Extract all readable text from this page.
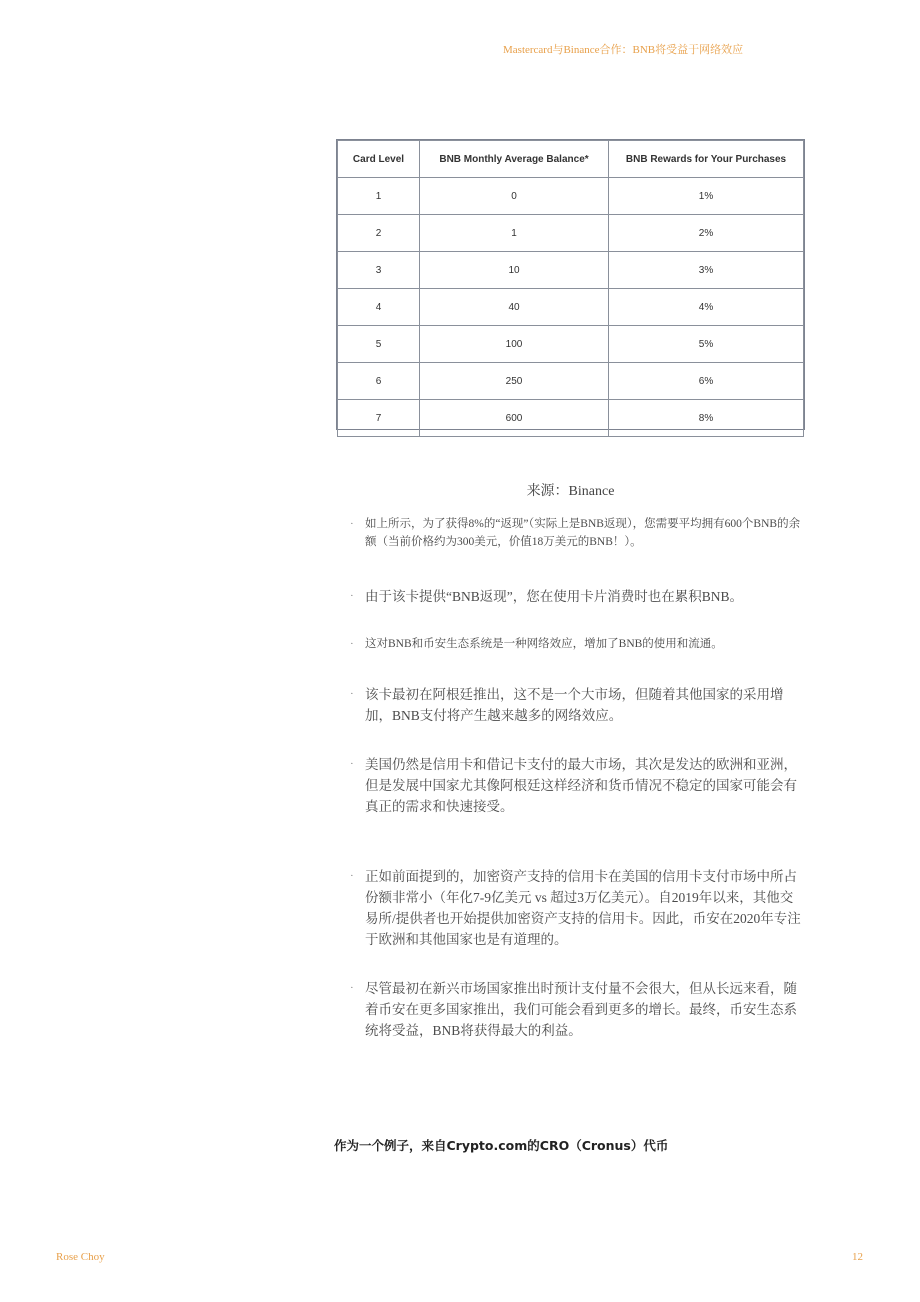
Mastercard与Binance合作：BNB将受益于网络效应
Card Level	BNB Monthly Average Balance*	BNB Rewards for Your Purchases
1	0	1%
2	1	2%
3	10	3%
4	40	4%
5	100	5%
6	250	6%
7	600	8%
来源：Binance
· 如上所示，为了获得8%的“返现”（实际上是BNB返现），您需要平均拥有600个BNB的余额（当前价格约为300美元，价值18万美元的BNB！）。
· 由于该卡提供“BNB返现”，您在使用卡片消费时也在累积BNB。
· 这对BNB和币安生态系统是一种网络效应，增加了BNB的使用和流通。
· 该卡最初在阿根廷推出，这不是一个大市场，但随着其他国家的采用增加，BNB支付将产生越来越多的网络效应。
· 美国仍然是信用卡和借记卡支付的最大市场，其次是发达的欧洲和亚洲，但是发展中国家尤其像阿根廷这样经济和货币情况不稳定的国家可能会有真正的需求和快速接受。
· 正如前面提到的，加密资产支持的信用卡在美国的信用卡支付市场中所占份额非常小（年化7-9亿美元 vs 超过3万亿美元）。自2019年以来，其他交易所/提供者也开始提供加密资产支持的信用卡。因此，币安在2020年专注于欧洲和其他国家也是有道理的。
· 尽管最初在新兴市场国家推出时预计支付量不会很大，但从长远来看，随着币安在更多国家推出，我们可能会看到更多的增长。最终，币安生态系统将受益，BNB将获得最大的利益。
作为一个例子，来自Crypto.com的CRO（Cronus）代币
Rose Choy	12
